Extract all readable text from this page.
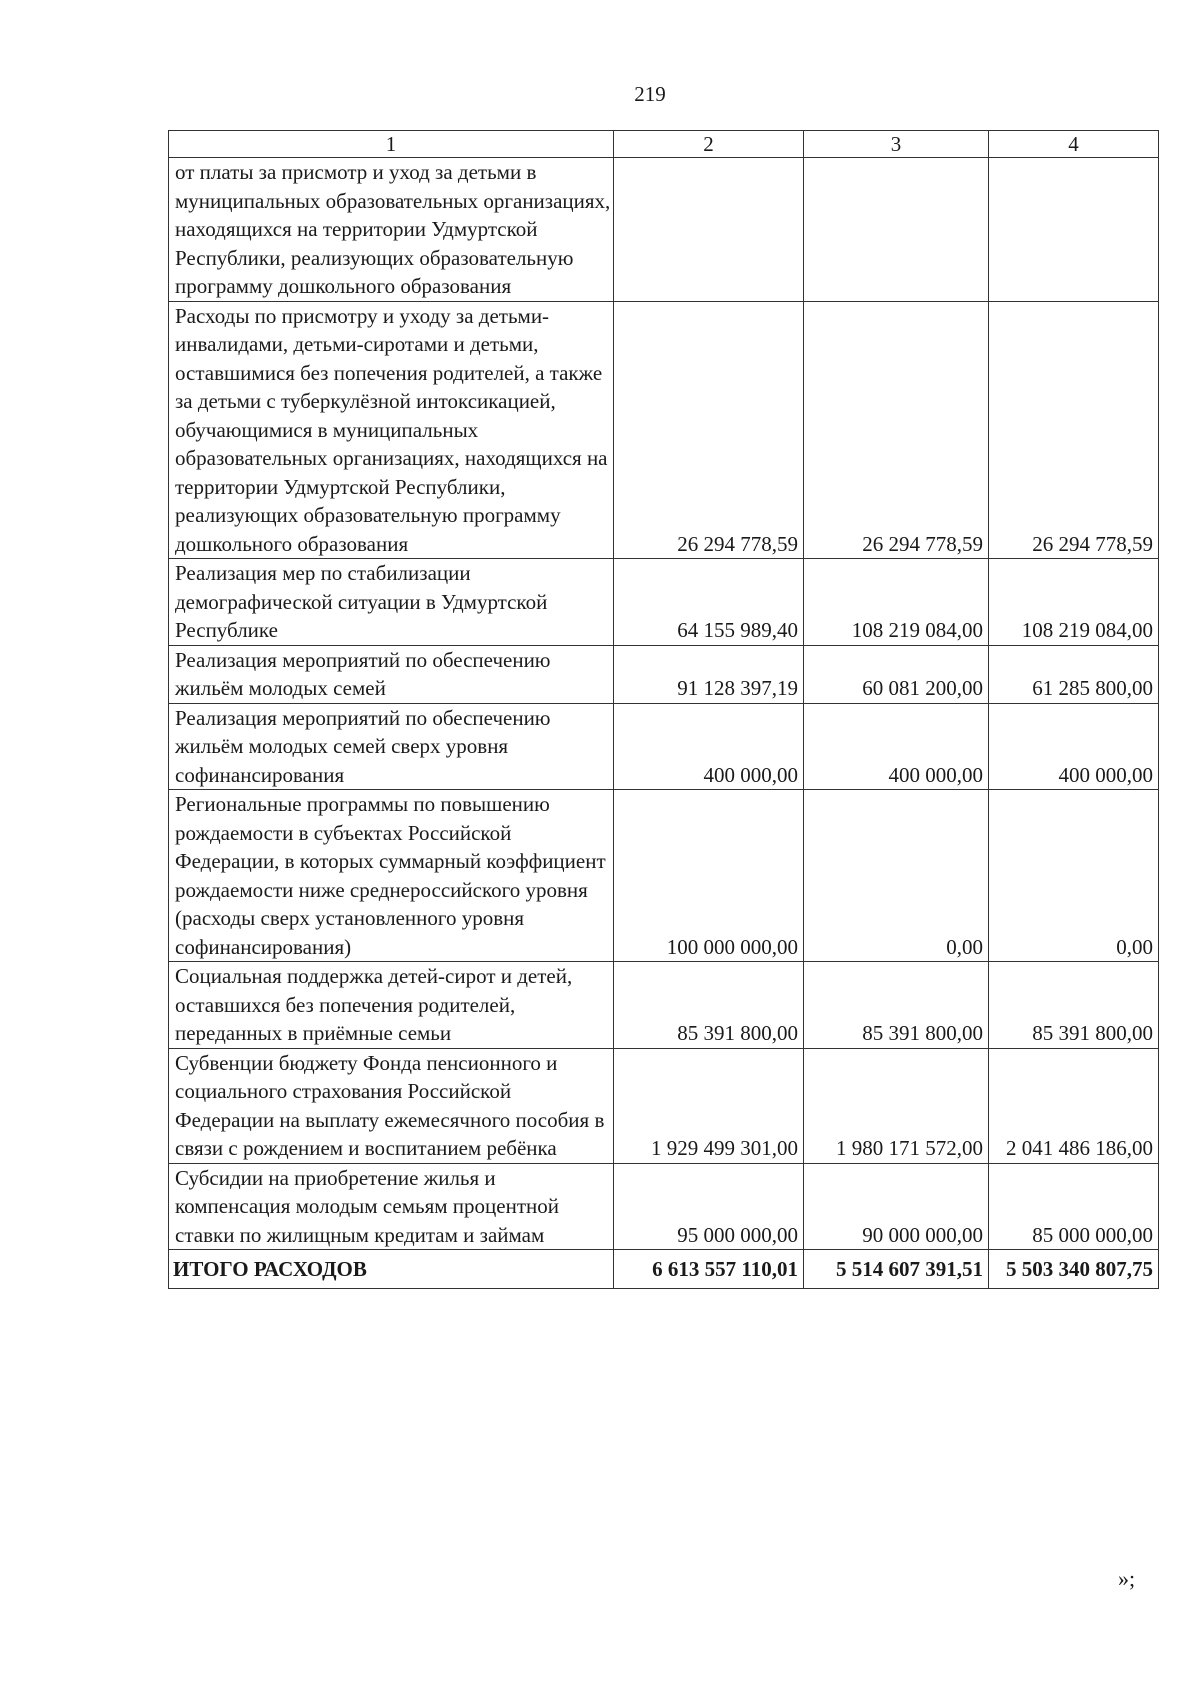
219
1	2	3	4
от платы за присмотр и уход за детьми в муниципальных образовательных организациях, находящихся на территории Удмуртской Республики, реализующих образовательную программу дошкольного образования			
Расходы по присмотру и уходу за детьми-инвалидами, детьми-сиротами и детьми, оставшимися без попечения родителей, а также за детьми с туберкулёзной интоксикацией, обучающимися в муниципальных образовательных организациях, находящихся на территории Удмуртской Республики, реализующих образовательную программу дошкольного образования	26 294 778,59	26 294 778,59	26 294 778,59
Реализация мер по стабилизации демографической ситуации в Удмуртской Республике	64 155 989,40	108 219 084,00	108 219 084,00
Реализация мероприятий по обеспечению жильём молодых семей	91 128 397,19	60 081 200,00	61 285 800,00
Реализация мероприятий по обеспечению жильём молодых семей сверх уровня софинансирования	400 000,00	400 000,00	400 000,00
Региональные программы по повышению рождаемости в субъектах Российской Федерации, в которых суммарный коэффициент рождаемости ниже среднероссийского уровня (расходы сверх установленного уровня софинансирования)	100 000 000,00	0,00	0,00
Социальная поддержка детей-сирот и детей, оставшихся без попечения родителей, переданных в приёмные семьи	85 391 800,00	85 391 800,00	85 391 800,00
Субвенции бюджету Фонда пенсионного и социального страхования Российской Федерации на выплату ежемесячного пособия в связи с рождением и воспитанием ребёнка	1 929 499 301,00	1 980 171 572,00	2 041 486 186,00
Субсидии на приобретение жилья и компенсация молодым семьям процентной ставки по жилищным кредитам и займам	95 000 000,00	90 000 000,00	85 000 000,00
ИТОГО РАСХОДОВ	6 613 557 110,01	5 514 607 391,51	5 503 340 807,75
»;
